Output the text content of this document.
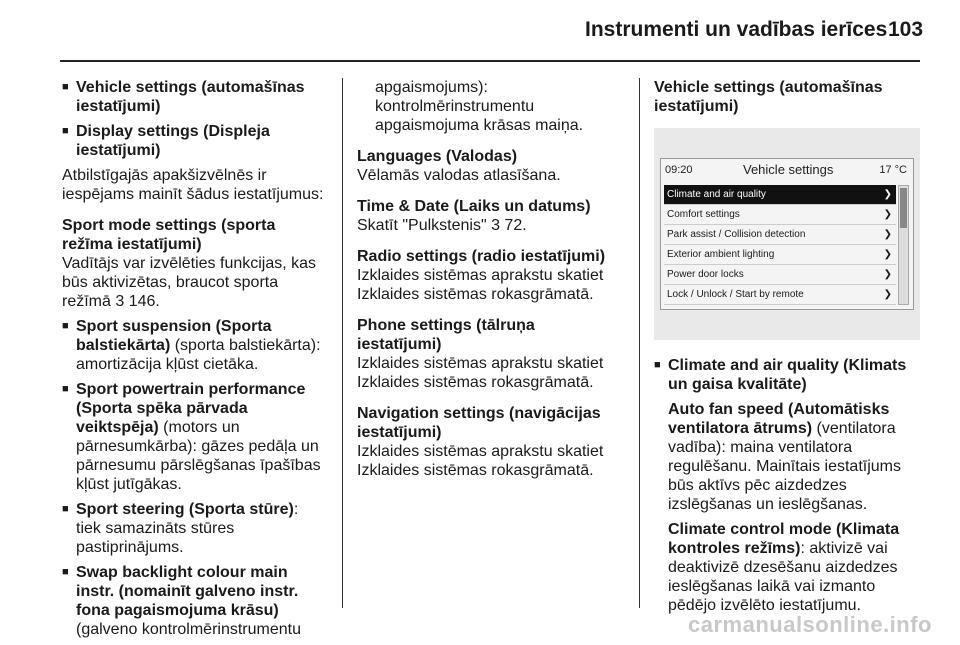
Instrumenti un vadības ierīces 103
■ Vehicle settings (automašīnas iestatījumi)
■ Display settings (Displeja iestatījumi)

Atbilstīgajās apakšizvēlnēs ir iespējams mainīt šādus iestatījumus:

Sport mode settings (sporta režīma iestatījumi)
Vadītājs var izvēlēties funkcijas, kas būs aktivizētas, braucot sporta režīmā 3 146.
■ Sport suspension (Sporta balstiekārta) (sporta balstiekārta): amortizācija kļūst cietāka.
■ Sport powertrain performance (Sporta spēka pārvada veiktspēja) (motors un pārnesumkārba): gāzes pedāļa un pārnesumu pārslēgšanas īpašības kļūst jutīgākas.
■ Sport steering (Sporta stūre): tiek samazināts stūres pastiprinājums.
■ Swap backlight colour main instr. (nomainīt galveno instr. fona pagaismojuma krāsu) (galveno kontrolmērinstrumentu

apgaismojums): kontrolmērinstrumentu apgaismojuma krāsas maiņa.

Languages (Valodas)

Vēlamās valodas atlasīšana.

Time & Date (Laiks un datums)

Skatīt "Pulkstenis" 3 72.

Radio settings (radio iestatījumi)

Izklaides sistēmas aprakstu skatiet Izklaides sistēmas rokasgrāmatā.

Phone settings (tālruņa iestatījumi)

Izklaides sistēmas aprakstu skatiet Izklaides sistēmas rokasgrāmatā.

Navigation settings (navigācijas iestatījumi)

Izklaides sistēmas aprakstu skatiet Izklaides sistēmas rokasgrāmatā.

Vehicle settings (automašīnas iestatījumi)
09:20	Vehicle settings	17 °C
Climate and air quality	❯
Comfort settings	❯
Park assist / Collision detection	❯
Exterior ambient lighting	❯
Power door locks	❯
Lock / Unlock / Start by remote	❯
■ Climate and air quality (Klimats un gaisa kvalitāte)
Auto fan speed (Automātisks ventilatora ātrums) (ventilatora vadība): maina ventilatora regulēšanu. Mainītais iestatījums būs aktīvs pēc aizdedzes izslēgšanas un ieslēgšanas.
Climate control mode (Klimata kontroles režīms): aktivizē vai deaktivizē dzesēšanu aizdedzes ieslēgšanas laikā vai izmanto pēdējo izvēlēto iestatījumu.
carmanualsonline.info
